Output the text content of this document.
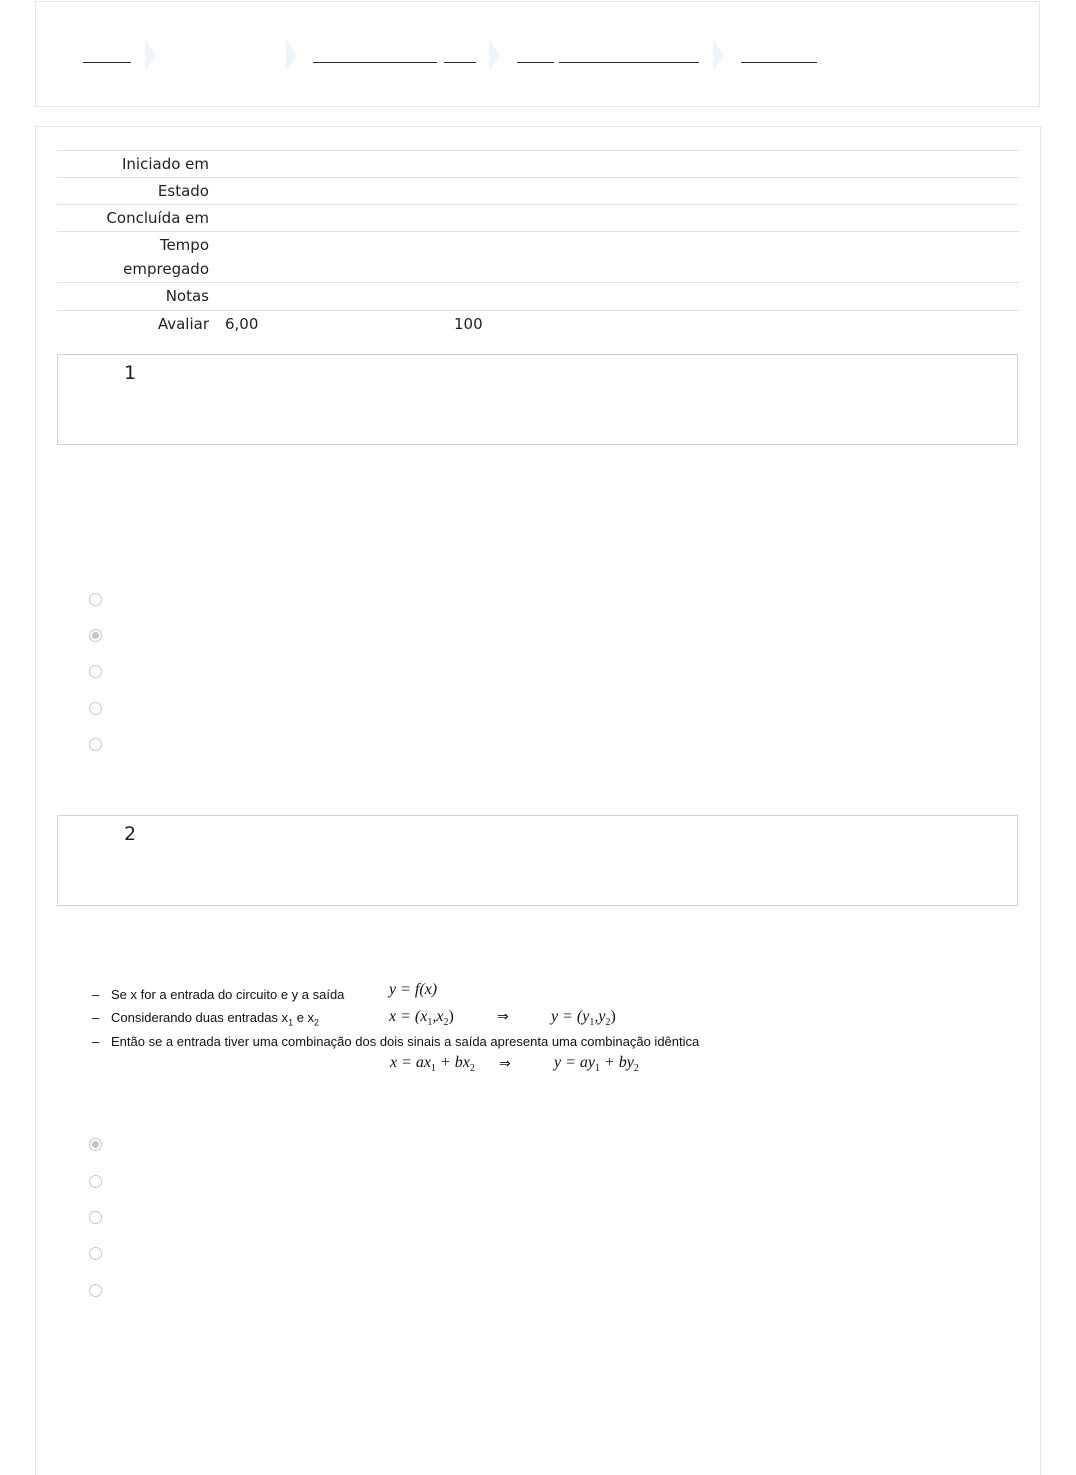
Iniciado em
Estado
Concluída em
Tempo empregado
Notas
Avaliar 6,00	100
1
2
– Se x for a entrada do circuito e y a saída	y = f(x)
– Considerando duas entradas $x_1$ e $x_2$	$x = (x_1,x_2)$	⇒	$y = (y_1,y_2)$
– Então se a entrada tiver uma combinação dos dois sinais a saída apresenta uma combinação idêntica
$x = ax_1 + bx_2$ ⇒	$y = ay_1 + by_2$
